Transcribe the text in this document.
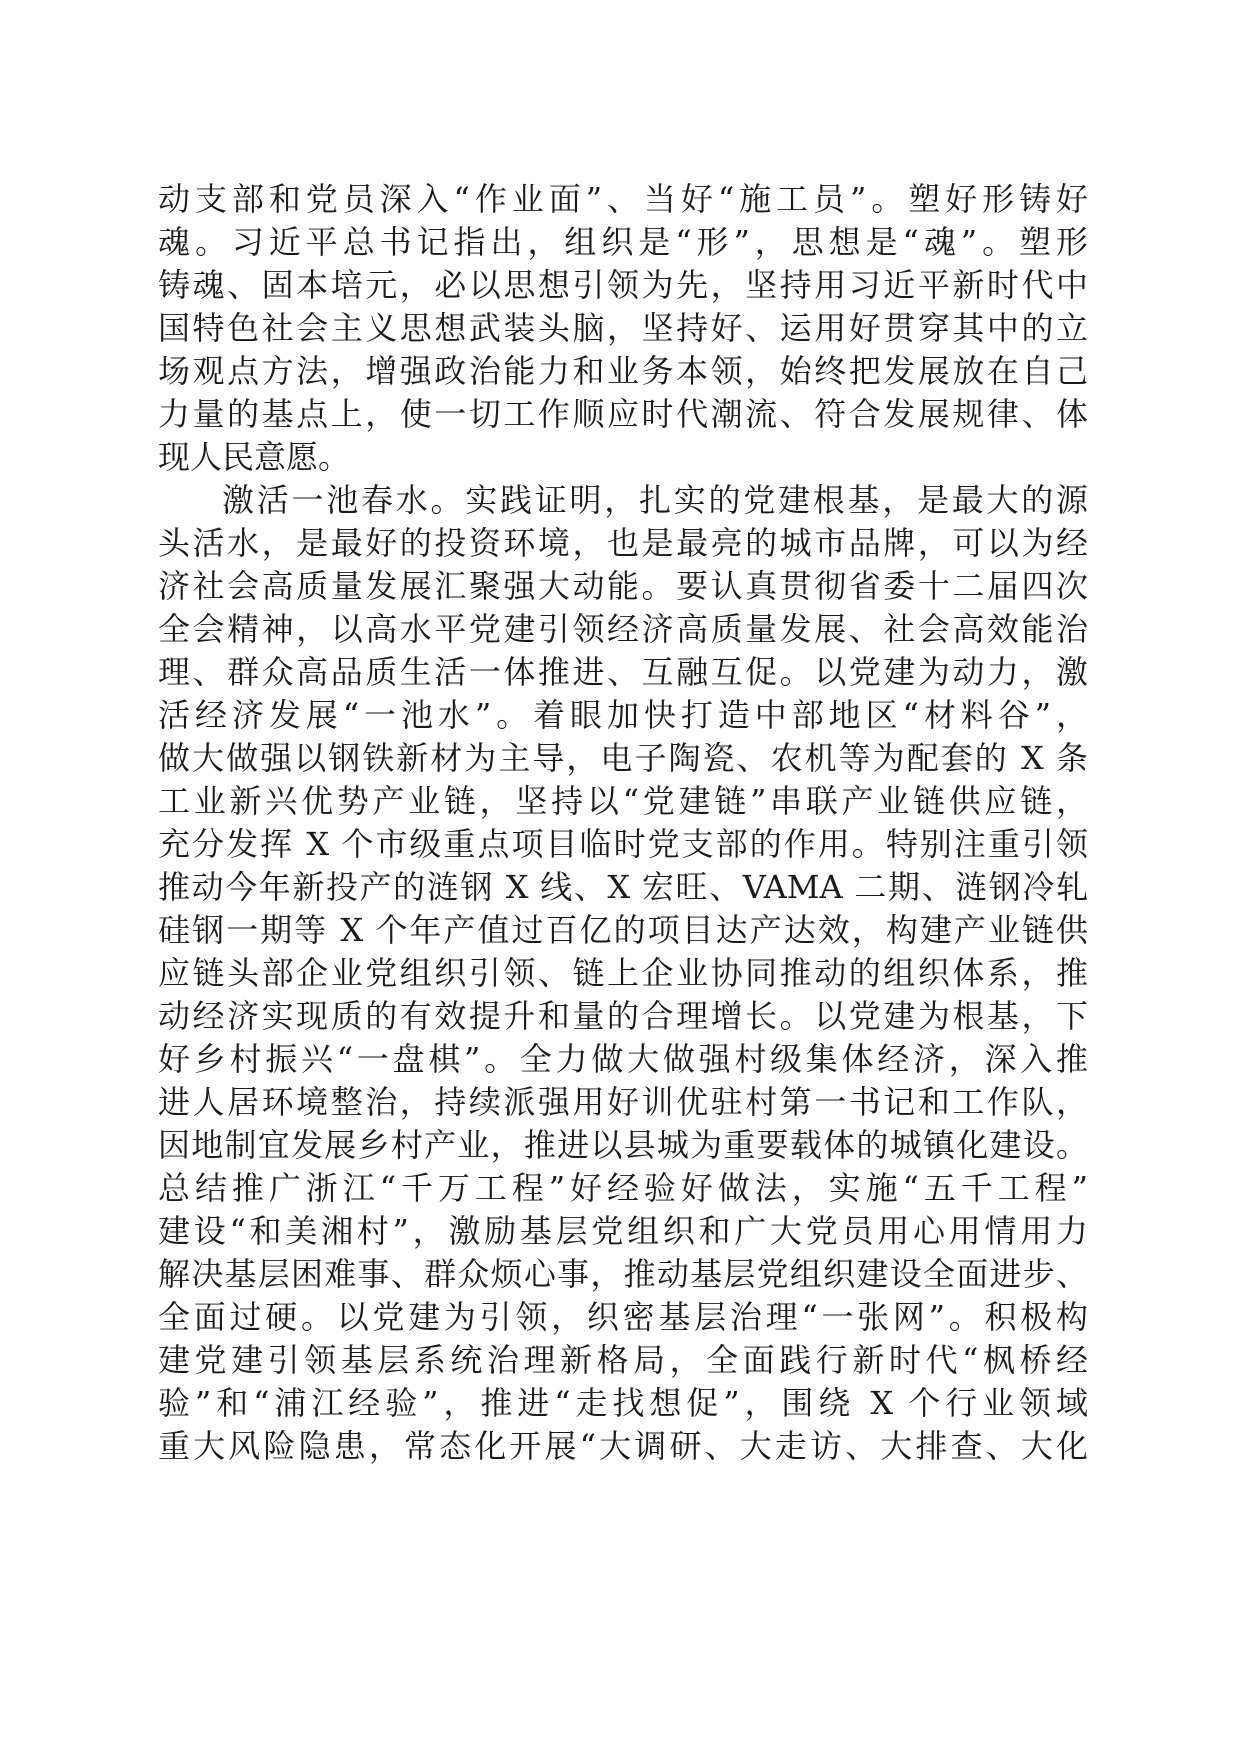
动支部和党员深入“作业面”、当好“施工员”。塑好形铸好
魂。习近平总书记指出，组织是“形”，思想是“魂”。塑形
铸魂、固本培元，必以思想引领为先，坚持用习近平新时代中
国特色社会主义思想武装头脑，坚持好、运用好贯穿其中的立
场观点方法，增强政治能力和业务本领，始终把发展放在自己
力量的基点上，使一切工作顺应时代潮流、符合发展规律、体
现人民意愿。
激活一池春水。实践证明，扎实的党建根基，是最大的源
头活水，是最好的投资环境，也是最亮的城市品牌，可以为经
济社会高质量发展汇聚强大动能。要认真贯彻省委十二届四次
全会精神，以高水平党建引领经济高质量发展、社会高效能治
理、群众高品质生活一体推进、互融互促。以党建为动力，激
活经济发展“一池水”。着眼加快打造中部地区“材料谷”，
做大做强以钢铁新材为主导，电子陶瓷、农机等为配套的 X 条
工业新兴优势产业链，坚持以“党建链”串联产业链供应链，
充分发挥 X 个市级重点项目临时党支部的作用。特别注重引领
推动今年新投产的涟钢 X 线、X 宏旺、VAMA 二期、涟钢冷轧
硅钢一期等 X 个年产值过百亿的项目达产达效，构建产业链供
应链头部企业党组织引领、链上企业协同推动的组织体系，推
动经济实现质的有效提升和量的合理增长。以党建为根基，下
好乡村振兴“一盘棋”。全力做大做强村级集体经济，深入推
进人居环境整治，持续派强用好训优驻村第一书记和工作队，
因地制宜发展乡村产业，推进以县城为重要载体的城镇化建设。
总结推广浙江“千万工程”好经验好做法，实施“五千工程”
建设“和美湘村”，激励基层党组织和广大党员用心用情用力
解决基层困难事、群众烦心事，推动基层党组织建设全面进步、
全面过硬。以党建为引领，织密基层治理“一张网”。积极构
建党建引领基层系统治理新格局，全面践行新时代“枫桥经
验”和“浦江经验”，推进“走找想促”，围绕 X 个行业领域
重大风险隐患，常态化开展“大调研、大走访、大排查、大化
